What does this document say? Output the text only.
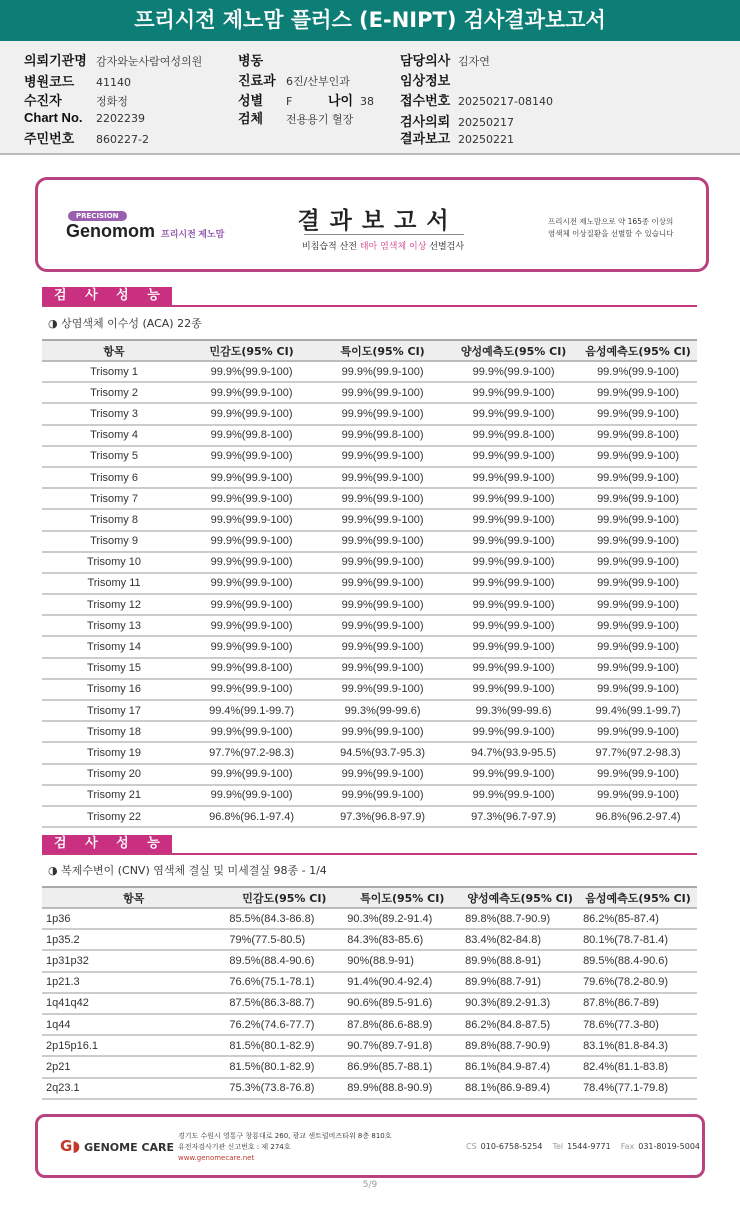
프리시전 제노맘 플러스 (E-NIPT) 검사결과보고서
의뢰기관명 감자와눈사람여성의원
병원코드 41140
수진자	정화정
Chart No. 2202239
주민번호 860227-2
병동
진료과 6진/산부인과
성별 F	나이 38
검체 전용용기 혈장
담당의사 김자연
임상정보
접수번호 20250217-08140
검사의뢰 20250217
결과보고 20250221
PRECISION
Genomom 프리시전 제노맘	결과보고서
비침습적 산전 태아 염색체 이상 선별검사
프리시전 제노맘으로 약 165종 이상의
염색체 이상질환을 선별할 수 있습니다
검 사 성 능
◑ 상염색체 이수성 (ACA) 22종
항목	민감도(95% CI)	특이도(95% CI)	양성예측도(95% CI)	음성예측도(95% CI)
Trisomy 1	99.9%(99.9-100)	99.9%(99.9-100)	99.9%(99.9-100)	99.9%(99.9-100)
Trisomy 2	99.9%(99.9-100)	99.9%(99.9-100)	99.9%(99.9-100)	99.9%(99.9-100)
Trisomy 3	99.9%(99.9-100)	99.9%(99.9-100)	99.9%(99.9-100)	99.9%(99.9-100)
Trisomy 4	99.9%(99.8-100)	99.9%(99.8-100)	99.9%(99.8-100)	99.9%(99.8-100)
Trisomy 5	99.9%(99.9-100)	99.9%(99.9-100)	99.9%(99.9-100)	99.9%(99.9-100)
Trisomy 6	99.9%(99.9-100)	99.9%(99.9-100)	99.9%(99.9-100)	99.9%(99.9-100)
Trisomy 7	99.9%(99.9-100)	99.9%(99.9-100)	99.9%(99.9-100)	99.9%(99.9-100)
Trisomy 8	99.9%(99.9-100)	99.9%(99.9-100)	99.9%(99.9-100)	99.9%(99.9-100)
Trisomy 9	99.9%(99.9-100)	99.9%(99.9-100)	99.9%(99.9-100)	99.9%(99.9-100)
Trisomy 10	99.9%(99.9-100)	99.9%(99.9-100)	99.9%(99.9-100)	99.9%(99.9-100)
Trisomy 11	99.9%(99.9-100)	99.9%(99.9-100)	99.9%(99.9-100)	99.9%(99.9-100)
Trisomy 12	99.9%(99.9-100)	99.9%(99.9-100)	99.9%(99.9-100)	99.9%(99.9-100)
Trisomy 13	99.9%(99.9-100)	99.9%(99.9-100)	99.9%(99.9-100)	99.9%(99.9-100)
Trisomy 14	99.9%(99.9-100)	99.9%(99.9-100)	99.9%(99.9-100)	99.9%(99.9-100)
Trisomy 15	99.9%(99.8-100)	99.9%(99.9-100)	99.9%(99.9-100)	99.9%(99.9-100)
Trisomy 16	99.9%(99.9-100)	99.9%(99.9-100)	99.9%(99.9-100)	99.9%(99.9-100)
Trisomy 17	99.4%(99.1-99.7)	99.3%(99-99.6)	99.3%(99-99.6)	99.4%(99.1-99.7)
Trisomy 18	99.9%(99.9-100)	99.9%(99.9-100)	99.9%(99.9-100)	99.9%(99.9-100)
Trisomy 19	97.7%(97.2-98.3)	94.5%(93.7-95.3)	94.7%(93.9-95.5)	97.7%(97.2-98.3)
Trisomy 20	99.9%(99.9-100)	99.9%(99.9-100)	99.9%(99.9-100)	99.9%(99.9-100)
Trisomy 21	99.9%(99.9-100)	99.9%(99.9-100)	99.9%(99.9-100)	99.9%(99.9-100)
Trisomy 22	96.8%(96.1-97.4)	97.3%(96.8-97.9)	97.3%(96.7-97.9)	96.8%(96.2-97.4)
검 사 성 능
◑ 복제수변이 (CNV) 염색체 결실 및 미세결실 98종 - 1/4
항목	민감도(95% CI)	특이도(95% CI)	양성예측도(95% CI)	음성예측도(95% CI)
1p36	85.5%(84.3-86.8)	90.3%(89.2-91.4)	89.8%(88.7-90.9)	86.2%(85-87.4)
1p35.2	79%(77.5-80.5)	84.3%(83-85.6)	83.4%(82-84.8)	80.1%(78.7-81.4)
1p31p32	89.5%(88.4-90.6)	90%(88.9-91)	89.9%(88.8-91)	89.5%(88.4-90.6)
1p21.3	76.6%(75.1-78.1)	91.4%(90.4-92.4)	89.9%(88.7-91)	79.6%(78.2-80.9)
1q41q42	87.5%(86.3-88.7)	90.6%(89.5-91.6)	90.3%(89.2-91.3)	87.8%(86.7-89)
1q44	76.2%(74.6-77.7)	87.8%(86.6-88.9)	86.2%(84.8-87.5)	78.6%(77.3-80)
2p15p16.1	81.5%(80.1-82.9)	90.7%(89.7-91.8)	89.8%(88.7-90.9)	83.1%(81.8-84.3)
2p21	81.5%(80.1-82.9)	86.9%(85.7-88.1)	86.1%(84.9-87.4)	82.4%(81.1-83.8)
2q23.1	75.3%(73.8-76.8)	89.9%(88.8-90.9)	88.1%(86.9-89.4)	78.4%(77.1-79.8)
G◗ GENOME CARE
경기도 수원시 영통구 창룡대로 260, 광교 센트럴비즈타워 8층 810호
유전자검사기관 신고번호 : 제 274호
www.genomecare.net
CS 010-6758-5254 Tel 1544-9771 Fax 031-8019-5004
5/9
